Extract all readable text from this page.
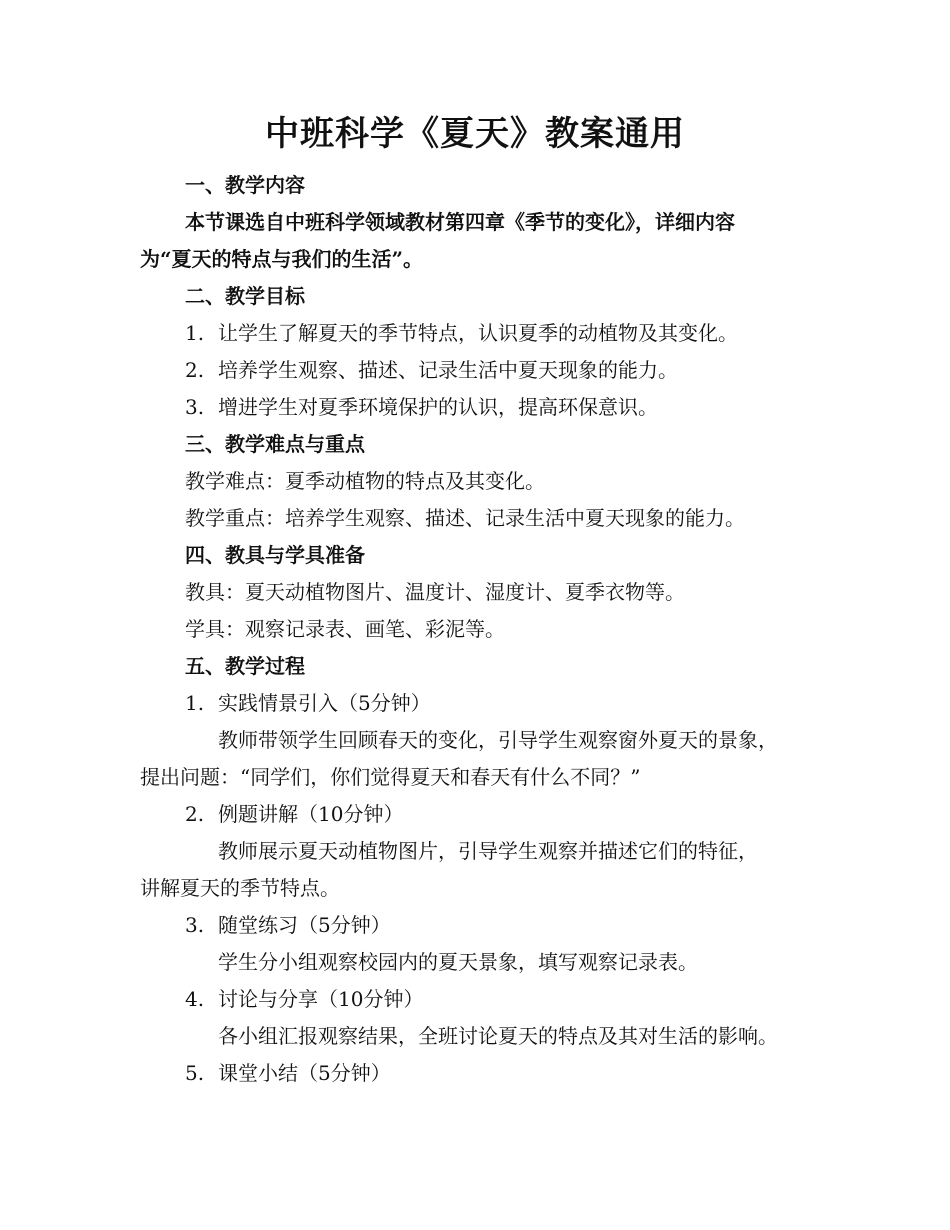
中班科学《夏天》教案通用
一、教学内容
本节课选自中班科学领域教材第四章《季节的变化》，详细内容
为“夏天的特点与我们的生活”。
二、教学目标
1. 让学生了解夏天的季节特点，认识夏季的动植物及其变化。
2. 培养学生观察、描述、记录生活中夏天现象的能力。
3. 增进学生对夏季环境保护的认识，提高环保意识。
三、教学难点与重点
教学难点：夏季动植物的特点及其变化。
教学重点：培养学生观察、描述、记录生活中夏天现象的能力。
四、教具与学具准备
教具：夏天动植物图片、温度计、湿度计、夏季衣物等。
学具：观察记录表、画笔、彩泥等。
五、教学过程
1. 实践情景引入（5分钟）
教师带领学生回顾春天的变化，引导学生观察窗外夏天的景象，
提出问题：“同学们，你们觉得夏天和春天有什么不同？”
2. 例题讲解（10分钟）
教师展示夏天动植物图片，引导学生观察并描述它们的特征，
讲解夏天的季节特点。
3. 随堂练习（5分钟）
学生分小组观察校园内的夏天景象，填写观察记录表。
4. 讨论与分享（10分钟）
各小组汇报观察结果，全班讨论夏天的特点及其对生活的影响。
5. 课堂小结（5分钟）
